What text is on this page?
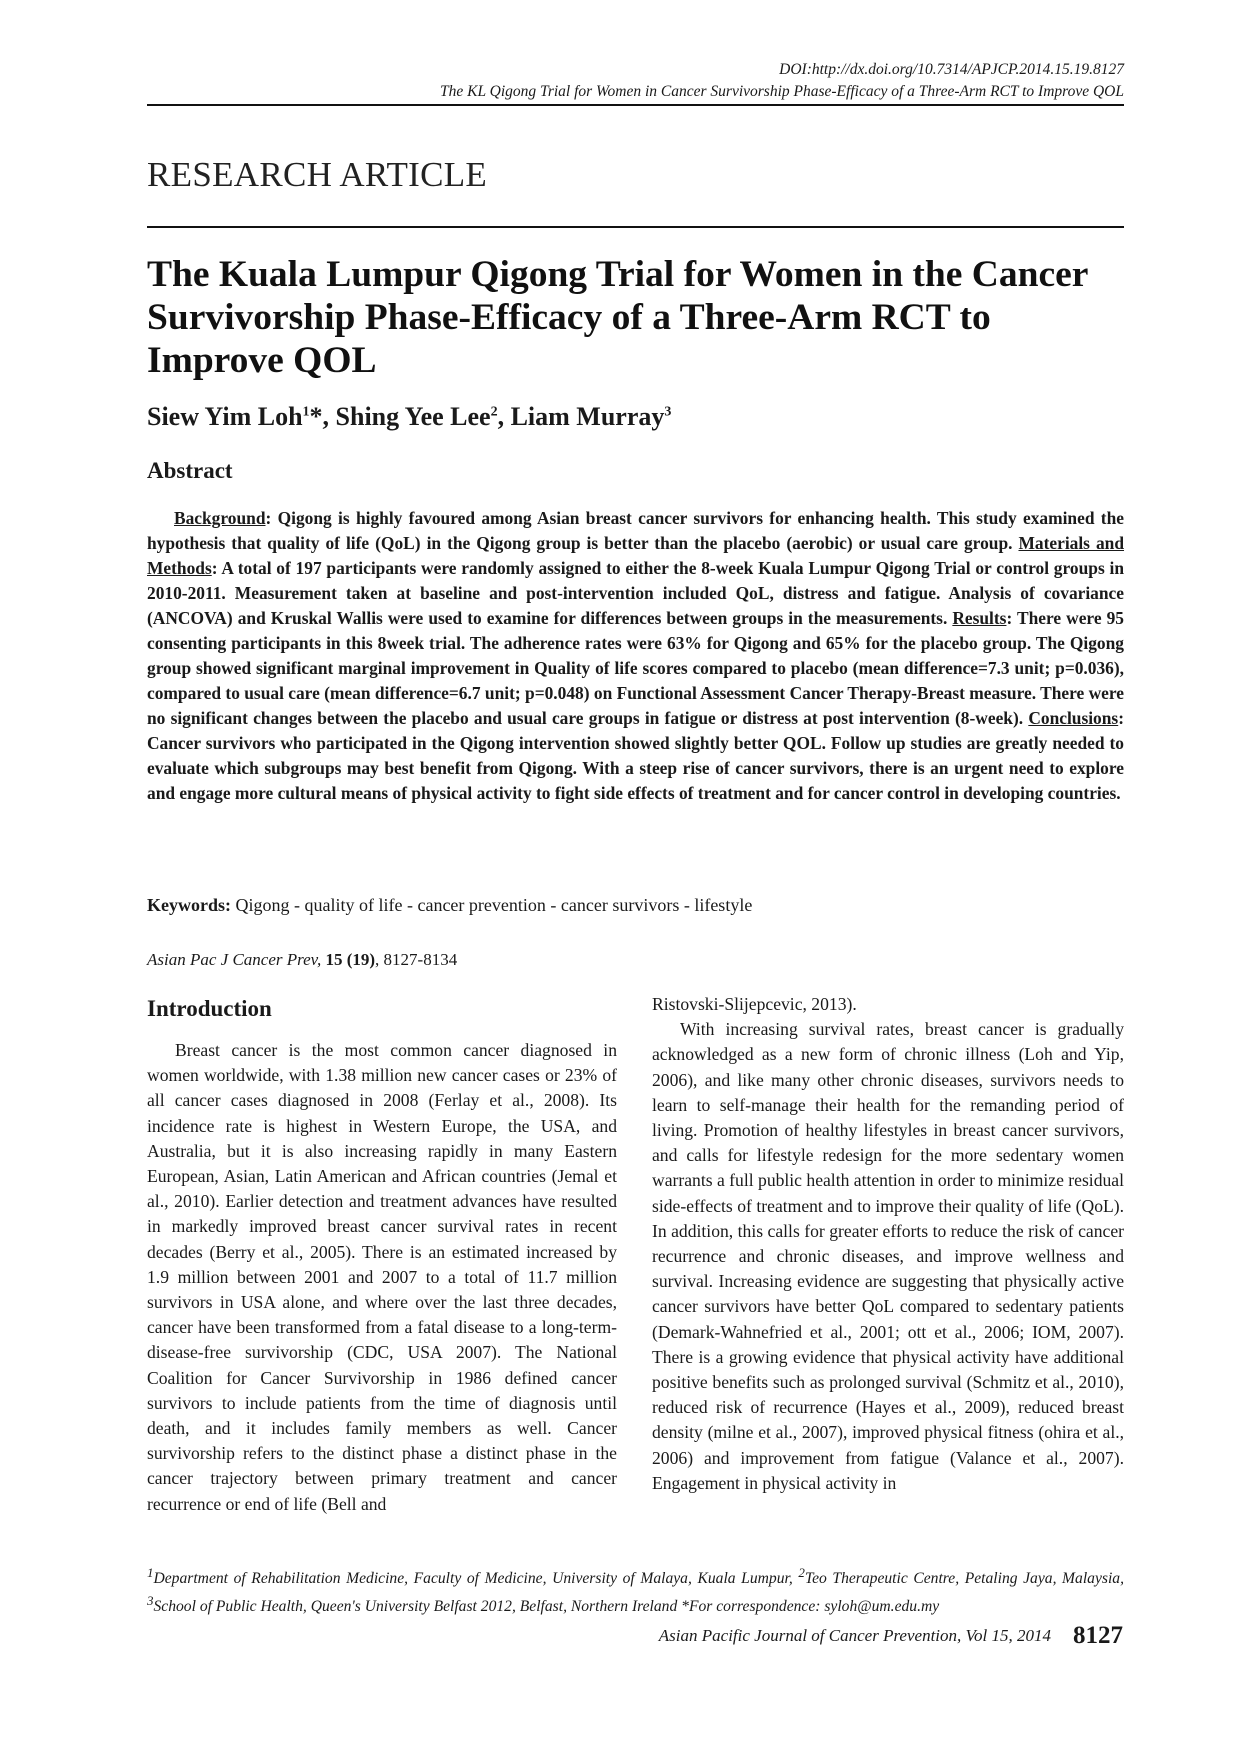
DOI:http://dx.doi.org/10.7314/APJCP.2014.15.19.8127
The KL Qigong Trial for Women in Cancer Survivorship Phase-Efficacy of a Three-Arm RCT to Improve QOL
RESEARCH ARTICLE
The Kuala Lumpur Qigong Trial for Women in the Cancer Survivorship Phase-Efficacy of a Three-Arm RCT to Improve QOL
Siew Yim Loh$^1$*, Shing Yee Lee$^2$, Liam Murray$^3$
Abstract
Background: Qigong is highly favoured among Asian breast cancer survivors for enhancing health. This study examined the hypothesis that quality of life (QoL) in the Qigong group is better than the placebo (aerobic) or usual care group. Materials and Methods: A total of 197 participants were randomly assigned to either the 8-week Kuala Lumpur Qigong Trial or control groups in 2010-2011. Measurement taken at baseline and post-intervention included QoL, distress and fatigue. Analysis of covariance (ANCOVA) and Kruskal Wallis were used to examine for differences between groups in the measurements. Results: There were 95 consenting participants in this 8week trial. The adherence rates were 63% for Qigong and 65% for the placebo group. The Qigong group showed significant marginal improvement in Quality of life scores compared to placebo (mean difference=7.3 unit; p=0.036), compared to usual care (mean difference=6.7 unit; p=0.048) on Functional Assessment Cancer Therapy-Breast measure. There were no significant changes between the placebo and usual care groups in fatigue or distress at post intervention (8-week). Conclusions: Cancer survivors who participated in the Qigong intervention showed slightly better QOL. Follow up studies are greatly needed to evaluate which subgroups may best benefit from Qigong. With a steep rise of cancer survivors, there is an urgent need to explore and engage more cultural means of physical activity to fight side effects of treatment and for cancer control in developing countries.
Keywords: Qigong - quality of life - cancer prevention - cancer survivors - lifestyle
Asian Pac J Cancer Prev, 15 (19), 8127-8134
Introduction

Breast cancer is the most common cancer diagnosed in women worldwide, with 1.38 million new cancer cases or 23% of all cancer cases diagnosed in 2008 (Ferlay et al., 2008). Its incidence rate is highest in Western Europe, the USA, and Australia, but it is also increasing rapidly in many Eastern European, Asian, Latin American and African countries (Jemal et al., 2010). Earlier detection and treatment advances have resulted in markedly improved breast cancer survival rates in recent decades (Berry et al., 2005). There is an estimated increased by 1.9 million between 2001 and 2007 to a total of 11.7 million survivors in USA alone, and where over the last three decades, cancer have been transformed from a fatal disease to a long-term-disease-free survivorship (CDC, USA 2007). The National Coalition for Cancer Survivorship in 1986 defined cancer survivors to include patients from the time of diagnosis until death, and it includes family members as well. Cancer survivorship refers to the distinct phase a distinct phase in the cancer trajectory between primary treatment and cancer recurrence or end of life (Bell and

Ristovski-Slijepcevic, 2013).

With increasing survival rates, breast cancer is gradually acknowledged as a new form of chronic illness (Loh and Yip, 2006), and like many other chronic diseases, survivors needs to learn to self-manage their health for the remanding period of living. Promotion of healthy lifestyles in breast cancer survivors, and calls for lifestyle redesign for the more sedentary women warrants a full public health attention in order to minimize residual side-effects of treatment and to improve their quality of life (QoL). In addition, this calls for greater efforts to reduce the risk of cancer recurrence and chronic diseases, and improve wellness and survival. Increasing evidence are suggesting that physically active cancer survivors have better QoL compared to sedentary patients (Demark-Wahnefried et al., 2001; ott et al., 2006; IOM, 2007). There is a growing evidence that physical activity have additional positive benefits such as prolonged survival (Schmitz et al., 2010), reduced risk of recurrence (Hayes et al., 2009), reduced breast density (milne et al., 2007), improved physical fitness (ohira et al., 2006) and improvement from fatigue (Valance et al., 2007). Engagement in physical activity in

$^1$Department of Rehabilitation Medicine, Faculty of Medicine, University of Malaya, Kuala Lumpur, $^2$Teo Therapeutic Centre, Petaling Jaya, Malaysia, $^3$School of Public Health, Queen's University Belfast 2012, Belfast, Northern Ireland *For correspondence: syloh@um.edu.my
Asian Pacific Journal of Cancer Prevention, Vol 15, 2014 8127
